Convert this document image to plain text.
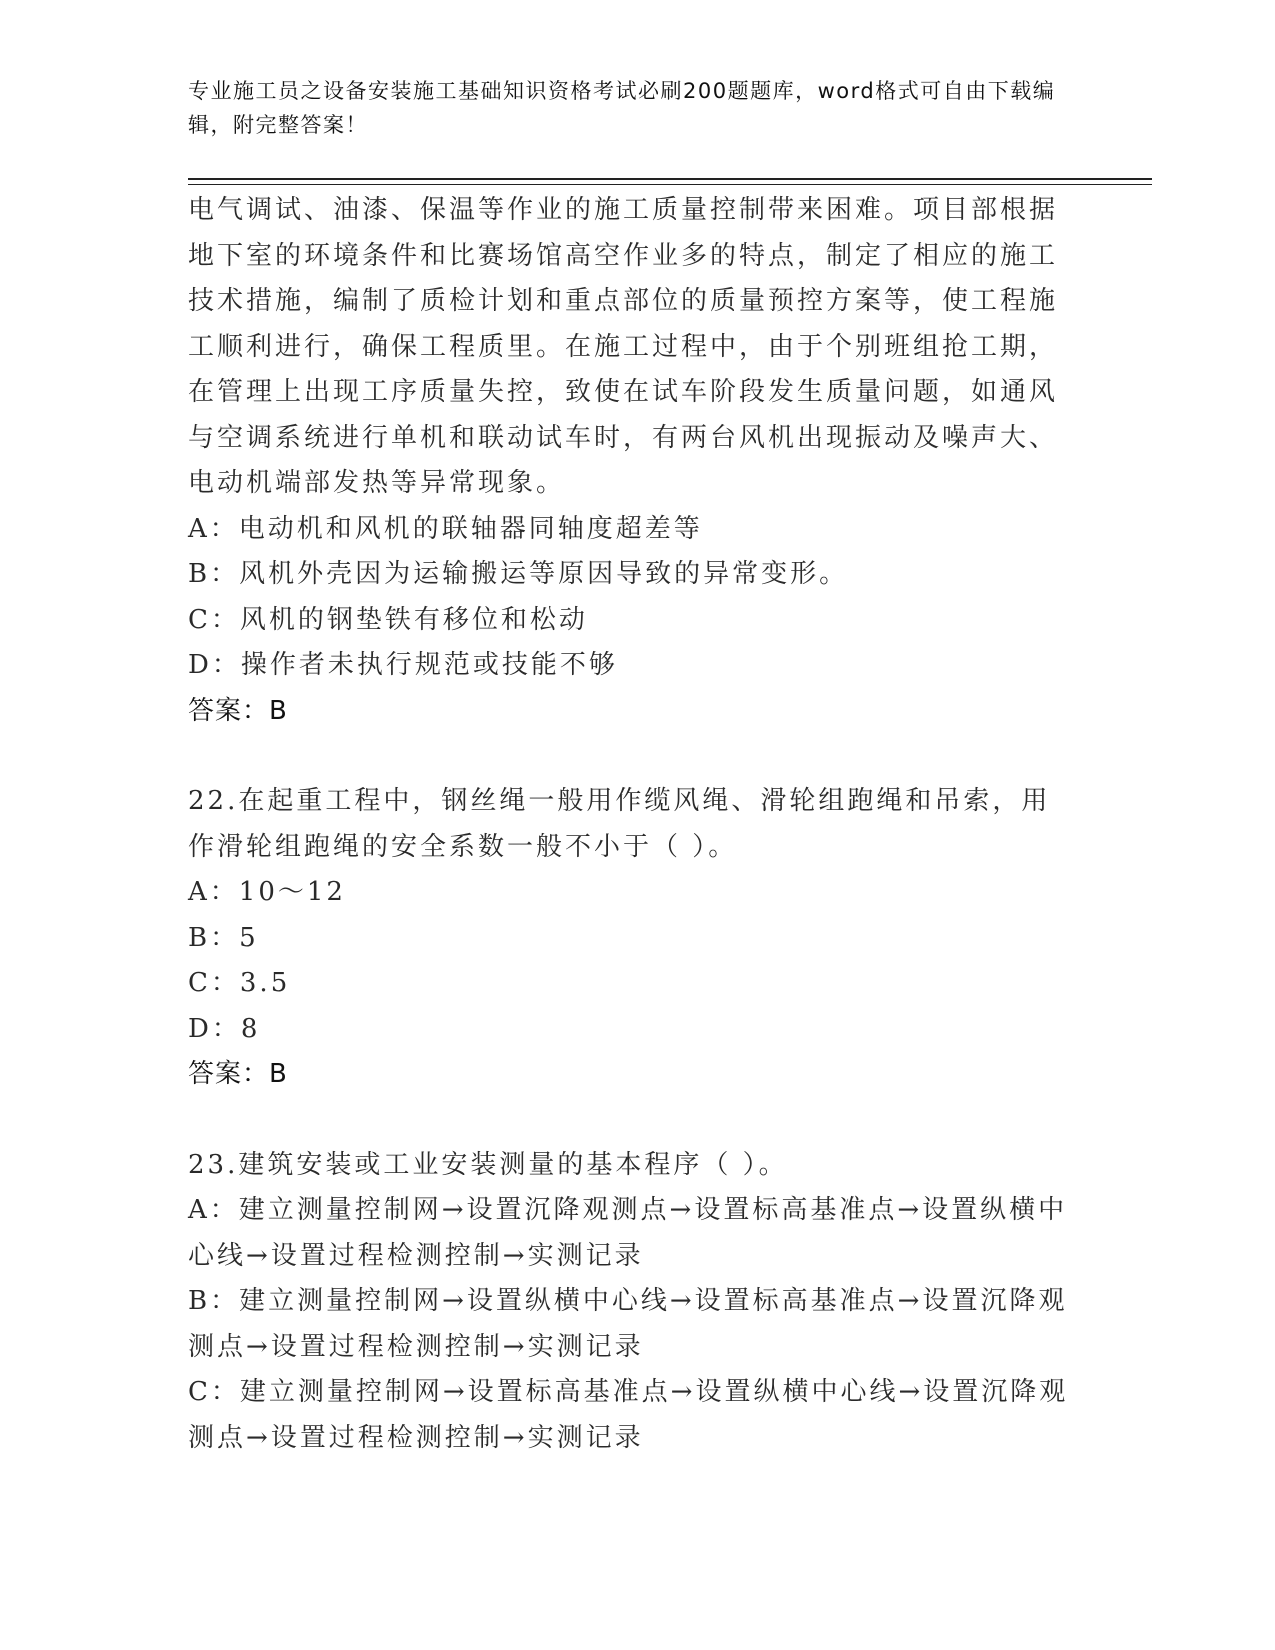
专业施工员之设备安装施工基础知识资格考试必刷200题题库，word格式可自由下载编辑，附完整答案！

电气调试、油漆、保温等作业的施工质量控制带来困难。项目部根据地下室的环境条件和比赛场馆高空作业多的特点，制定了相应的施工技术措施，编制了质检计划和重点部位的质量预控方案等，使工程施工顺利进行，确保工程质里。在施工过程中，由于个别班组抢工期，在管理上出现工序质量失控，致使在试车阶段发生质量问题，如通风与空调系统进行单机和联动试车时，有两台风机出现振动及噪声大、电动机端部发热等异常现象。

A：电动机和风机的联轴器同轴度超差等

B：风机外壳因为运输搬运等原因导致的异常变形。

C：风机的钢垫铁有移位和松动

D：操作者未执行规范或技能不够

答案：B

22.在起重工程中，钢丝绳一般用作缆风绳、滑轮组跑绳和吊索，用作滑轮组跑绳的安全系数一般不小于（ ）。

A：10～12

B：5

C：3.5

D：8

答案：B

23.建筑安装或工业安装测量的基本程序（ ）。

A：建立测量控制网→设置沉降观测点→设置标高基准点→设置纵横中心线→设置过程检测控制→实测记录

B：建立测量控制网→设置纵横中心线→设置标高基准点→设置沉降观测点→设置过程检测控制→实测记录

C：建立测量控制网→设置标高基准点→设置纵横中心线→设置沉降观测点→设置过程检测控制→实测记录
